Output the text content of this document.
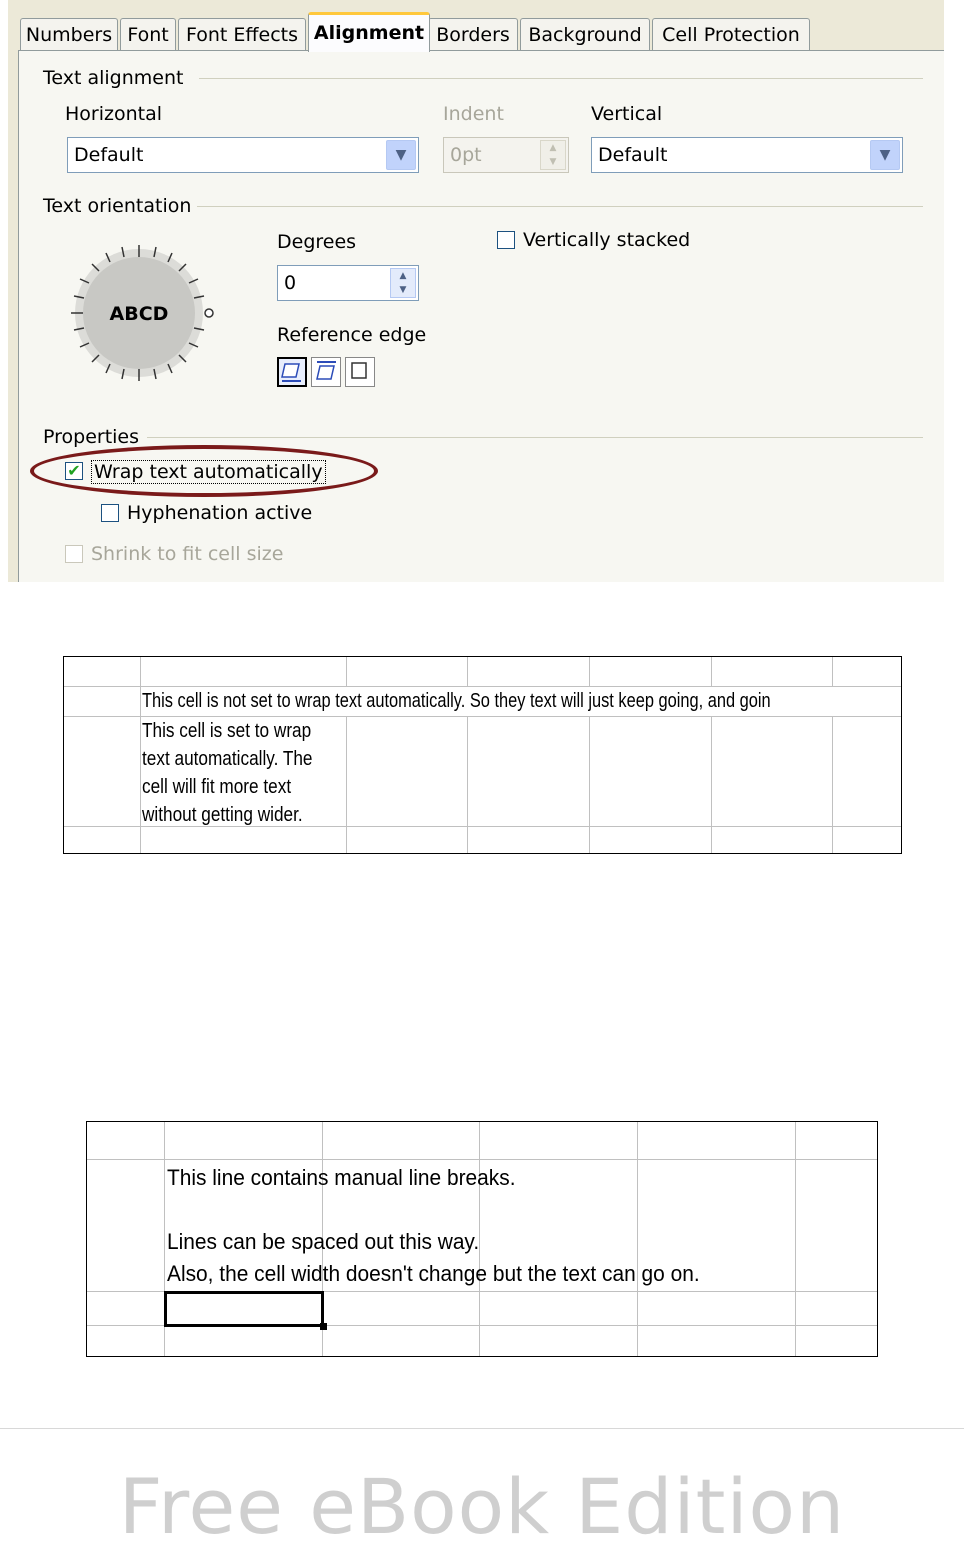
Numbers Font Font Effects Alignment Borders Background	Cell Protection
Text alignment
Horizontal
Default	▼
Indent
0pt	▲
▼
Vertical
Default	▼
Text orientation
ABCD
Degrees
0	▲
▼
Vertically stacked
Reference edge
Properties
✔ Wrap text automatically
Hyphenation active
Shrink to fit cell size
This cell is not set to wrap text automatically. So they text will just keep going, and goin
This cell is set to wrap
text automatically. The
cell will fit more text
without getting wider.
This line contains manual line breaks.
Lines can be spaced out this way.
Also, the cell width doesn't change but the text can go on.
Free eBook Edition
